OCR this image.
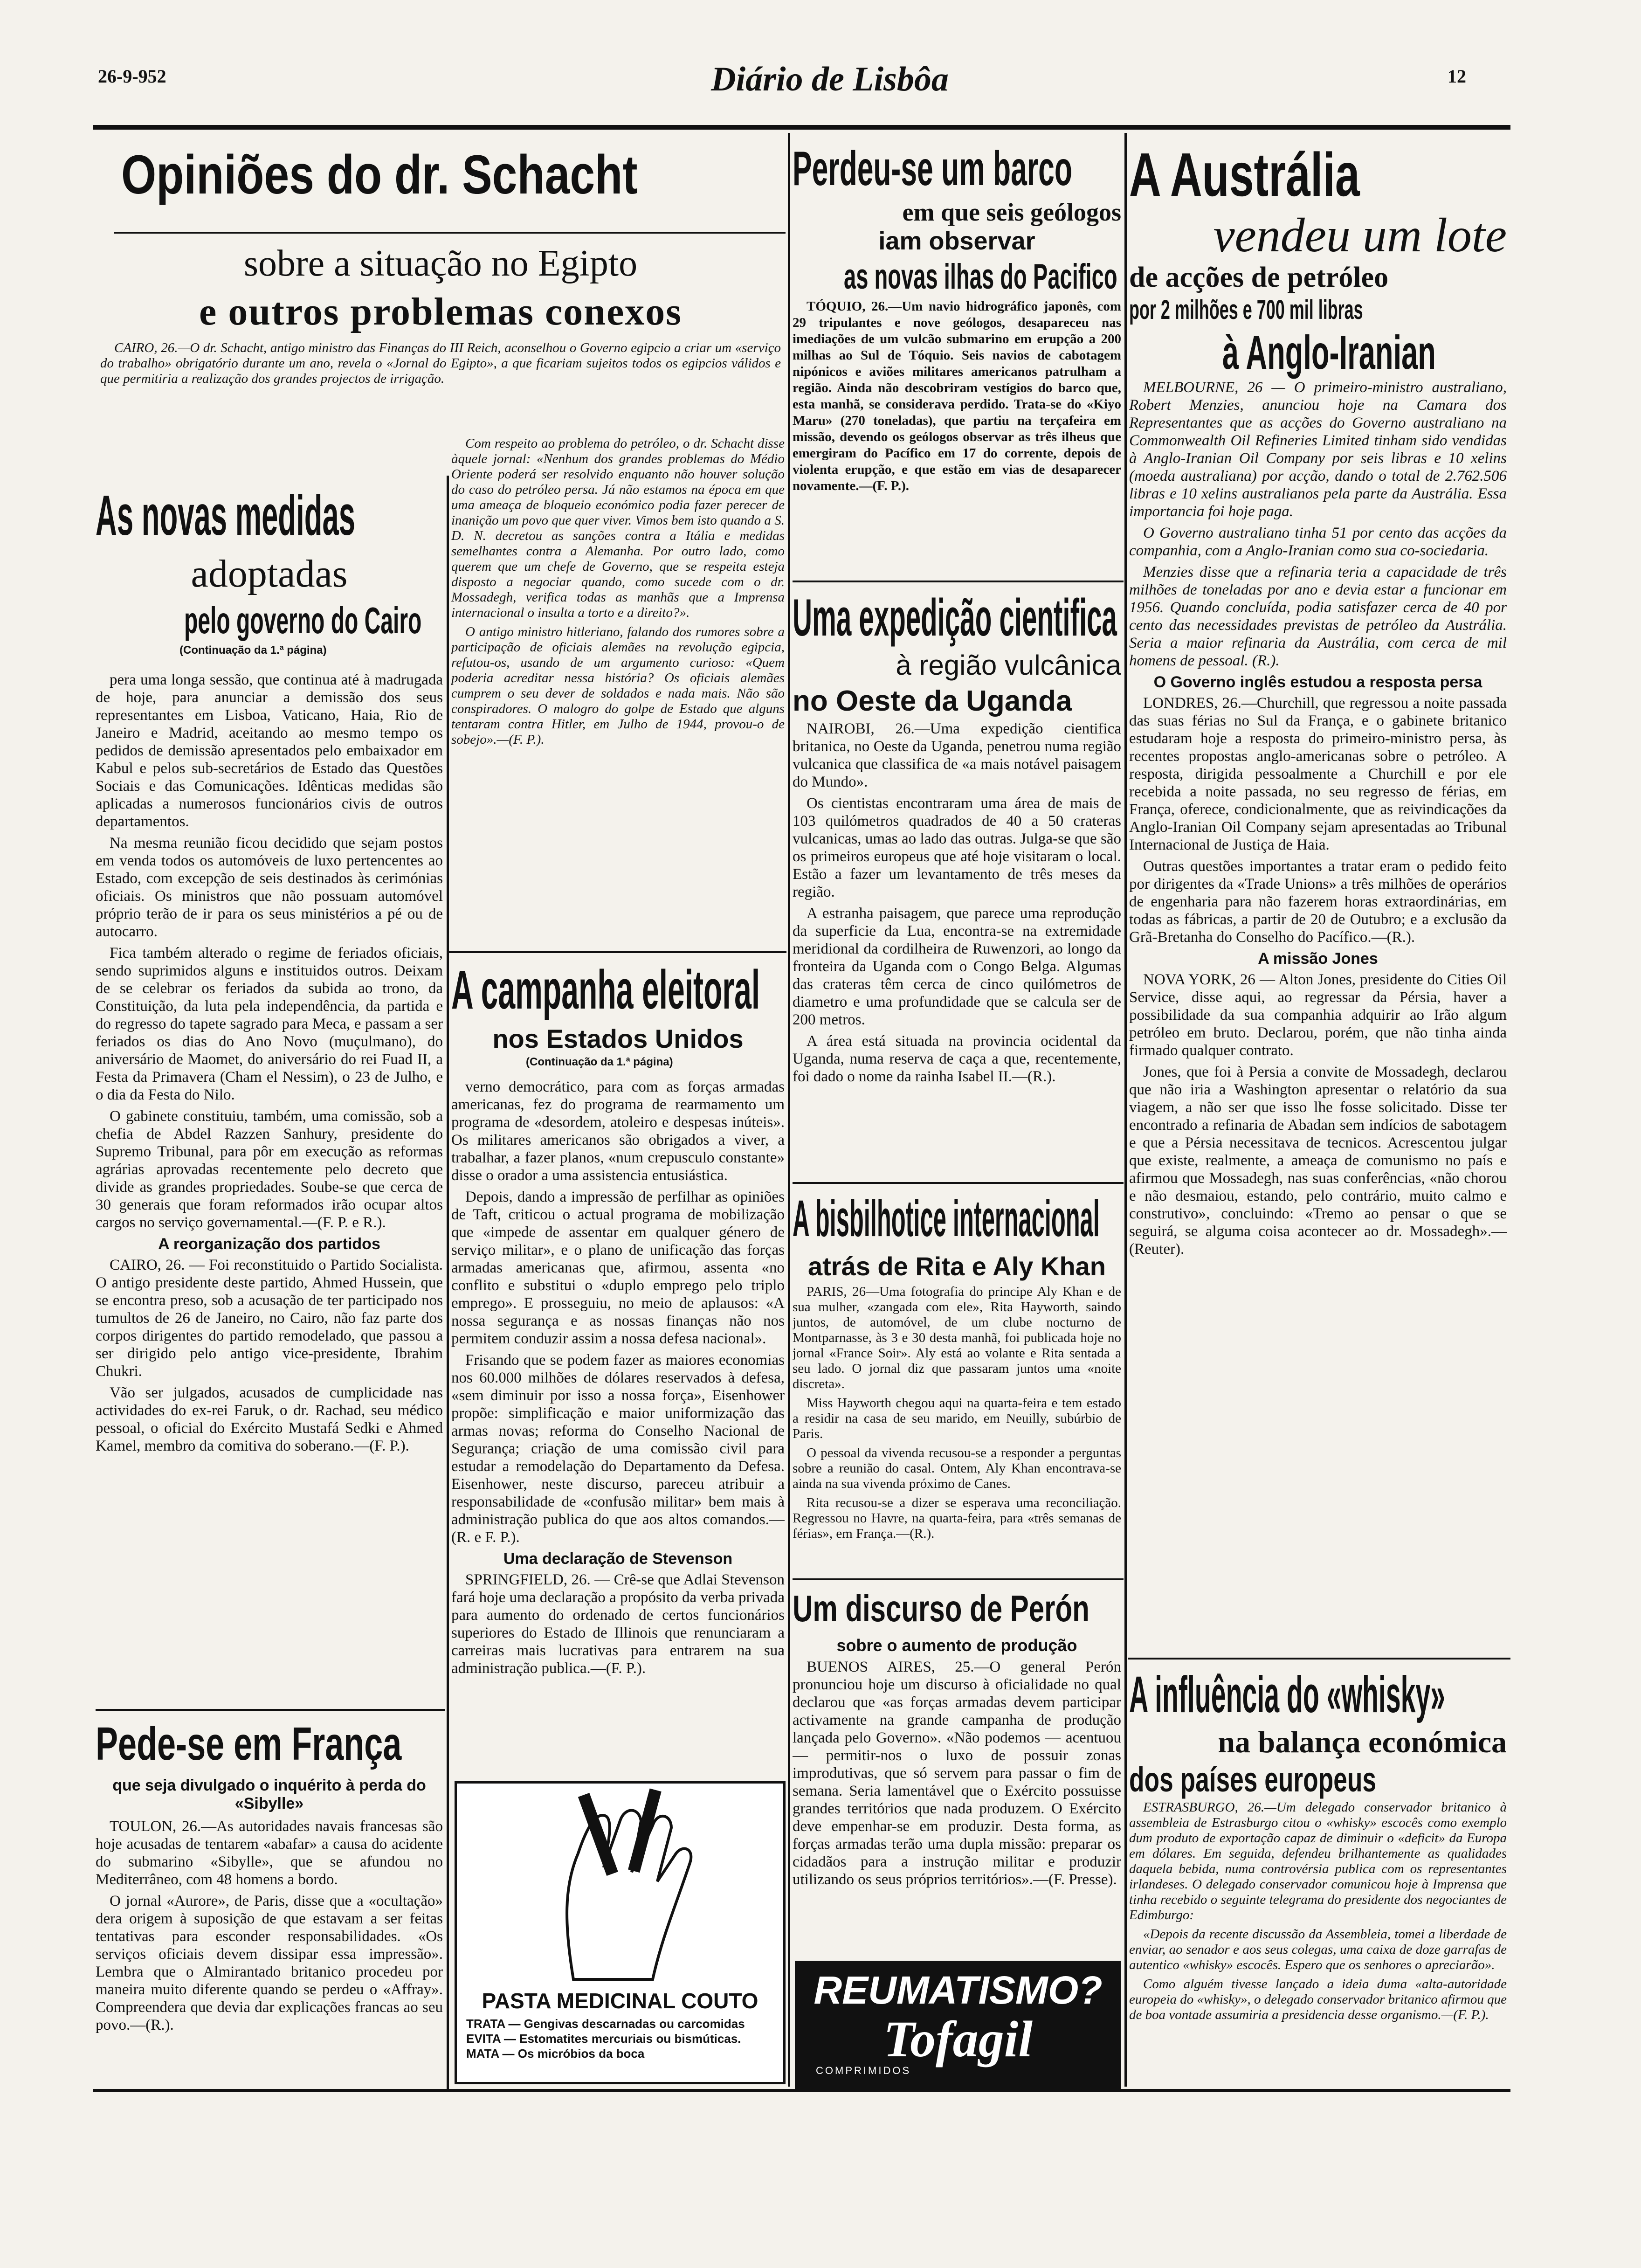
26-9-952	Diário de Lisbôa	12
Opiniões do dr. Schacht
sobre a situação no Egipto
e outros problemas conexos

CAIRO, 26.—O dr. Schacht, antigo ministro das Finanças do III Reich, aconselhou o Governo egipcio a criar um «serviço do trabalho» obrigatório durante um ano, revela o «Jornal do Egipto», a que ficariam sujeitos todos os egipcios válidos e que permitiria a realização dos grandes projectos de irrigação.

Com respeito ao problema do petróleo, o dr. Schacht disse àquele jornal: «Nenhum dos grandes problemas do Médio Oriente poderá ser resolvido enquanto não houver solução do caso do petróleo persa. Já não estamos na época em que uma ameaça de bloqueio económico podia fazer perecer de inanição um povo que quer viver. Vimos bem isto quando a S. D. N. decretou as sanções contra a Itália e medidas semelhantes contra a Alemanha. Por outro lado, como querem que um chefe de Governo, que se respeita esteja disposto a negociar quando, como sucede com o dr. Mossadegh, verifica todas as manhãs que a Imprensa internacional o insulta a torto e a direito?».

O antigo ministro hitleriano, falando dos rumores sobre a participação de oficiais alemães na revolução egipcia, refutou-os, usando de um argumento curioso: «Quem poderia acreditar nessa história? Os oficiais alemães cumprem o seu dever de soldados e nada mais. Não são conspiradores. O malogro do golpe de Estado que alguns tentaram contra Hitler, em Julho de 1944, provou-o de sobejo».—(F. P.).

As novas medidas
adoptadas
pelo governo do Cairo
(Continuação da 1.ª página)

pera uma longa sessão, que continua até à madrugada de hoje, para anunciar a demissão dos seus representantes em Lisboa, Vaticano, Haia, Rio de Janeiro e Madrid, aceitando ao mesmo tempo os pedidos de demissão apresentados pelo embaixador em Kabul e pelos sub-secretários de Estado das Questões Sociais e das Comunicações. Idênticas medidas são aplicadas a numerosos funcionários civis de outros departamentos.

Na mesma reunião ficou decidido que sejam postos em venda todos os automóveis de luxo pertencentes ao Estado, com excepção de seis destinados às cerimónias oficiais. Os ministros que não possuam automóvel próprio terão de ir para os seus ministérios a pé ou de autocarro.

Fica também alterado o regime de feriados oficiais, sendo suprimidos alguns e instituidos outros. Deixam de se celebrar os feriados da subida ao trono, da Constituição, da luta pela independência, da partida e do regresso do tapete sagrado para Meca, e passam a ser feriados os dias do Ano Novo (muçulmano), do aniversário de Maomet, do aniversário do rei Fuad II, a Festa da Primavera (Cham el Nessim), o 23 de Julho, e o dia da Festa do Nilo.

O gabinete constituiu, também, uma comissão, sob a chefia de Abdel Razzen Sanhury, presidente do Supremo Tribunal, para pôr em execução as reformas agrárias aprovadas recentemente pelo decreto que divide as grandes propriedades. Soube-se que cerca de 30 generais que foram reformados irão ocupar altos cargos no serviço governamental.—(F. P. e R.).

A reorganização dos partidos

CAIRO, 26. — Foi reconstituido o Partido Socialista. O antigo presidente deste partido, Ahmed Hussein, que se encontra preso, sob a acusação de ter participado nos tumultos de 26 de Janeiro, no Cairo, não faz parte dos corpos dirigentes do partido remodelado, que passou a ser dirigido pelo antigo vice-presidente, Ibrahim Chukri.

Vão ser julgados, acusados de cumplicidade nas actividades do ex-rei Faruk, o dr. Rachad, seu médico pessoal, o oficial do Exército Mustafá Sedki e Ahmed Kamel, membro da comitiva do soberano.—(F. P.).

Pede-se em França
que seja divulgado o inquérito à perda do «Sibylle»

TOULON, 26.—As autoridades navais francesas são hoje acusadas de tentarem «abafar» a causa do acidente do submarino «Sibylle», que se afundou no Mediterrâneo, com 48 homens a bordo.

O jornal «Aurore», de Paris, disse que a «ocultação» dera origem à suposição de que estavam a ser feitas tentativas para esconder responsabilidades. «Os serviços oficiais devem dissipar essa impressão». Lembra que o Almirantado britanico procedeu por maneira muito diferente quando se perdeu o «Affray». Compreendera que devia dar explicações francas ao seu povo.—(R.).

A campanha eleitoral
nos Estados Unidos
(Continuação da 1.ª página)

verno democrático, para com as forças armadas americanas, fez do programa de rearmamento um programa de «desordem, atoleiro e despesas inúteis». Os militares americanos são obrigados a viver, a trabalhar, a fazer planos, «num crepusculo constante» disse o orador a uma assistencia entusiástica.

Depois, dando a impressão de perfilhar as opiniões de Taft, criticou o actual programa de mobilização que «impede de assentar em qualquer género de serviço militar», e o plano de unificação das forças armadas americanas que, afirmou, assenta «no conflito e substitui o «duplo emprego pelo triplo emprego». E prosseguiu, no meio de aplausos: «A nossa segurança e as nossas finanças não nos permitem conduzir assim a nossa defesa nacional».

Frisando que se podem fazer as maiores economias nos 60.000 milhões de dólares reservados à defesa, «sem diminuir por isso a nossa força», Eisenhower propõe: simplificação e maior uniformização das armas novas; reforma do Conselho Nacional de Segurança; criação de uma comissão civil para estudar a remodelação do Departamento da Defesa. Eisenhower, neste discurso, pareceu atribuir a responsabilidade de «confusão militar» bem mais à administração publica do que aos altos comandos.—(R. e F. P.).

Uma declaração de Stevenson

SPRINGFIELD, 26. — Crê-se que Adlai Stevenson fará hoje uma declaração a propósito da verba privada para aumento do ordenado de certos funcionários superiores do Estado de Illinois que renunciaram a carreiras mais lucrativas para entrarem na sua administração publica.—(F. P.).

PASTA MEDICINAL COUTO
TRATA — Gengivas descarnadas ou carcomidas
EVITA — Estomatites mercuriais ou bismúticas.
MATA — Os micróbios da boca
Perdeu-se um barco
em que seis geólogos
iam observar
as novas ilhas do Pacifico

TÓQUIO, 26.—Um navio hidrográfico japonês, com 29 tripulantes e nove geólogos, desapareceu nas imediações de um vulcão submarino em erupção a 200 milhas ao Sul de Tóquio. Seis navios de cabotagem nipónicos e aviões militares americanos patrulham a região. Ainda não descobriram vestígios do barco que, esta manhã, se considerava perdido. Trata-se do «Kiyo Maru» (270 toneladas), que partiu na terçafeira em missão, devendo os geólogos observar as três ilheus que emergiram do Pacífico em 17 do corrente, depois de violenta erupção, e que estão em vias de desaparecer novamente.—(F. P.).

Uma expedição cientifica
à região vulcânica
no Oeste da Uganda

NAIROBI, 26.—Uma expedição cientifica britanica, no Oeste da Uganda, penetrou numa região vulcanica que classifica de «a mais notável paisagem do Mundo».

Os cientistas encontraram uma área de mais de 103 quilómetros quadrados de 40 a 50 crateras vulcanicas, umas ao lado das outras. Julga-se que são os primeiros europeus que até hoje visitaram o local. Estão a fazer um levantamento de três meses da região.

A estranha paisagem, que parece uma reprodução da superficie da Lua, encontra-se na extremidade meridional da cordilheira de Ruwenzori, ao longo da fronteira da Uganda com o Congo Belga. Algumas das crateras têm cerca de cinco quilómetros de diametro e uma profundidade que se calcula ser de 200 metros.

A área está situada na provincia ocidental da Uganda, numa reserva de caça a que, recentemente, foi dado o nome da rainha Isabel II.—(R.).

A bisbilhotice internacional
atrás de Rita e Aly Khan

PARIS, 26—Uma fotografia do principe Aly Khan e de sua mulher, «zangada com ele», Rita Hayworth, saindo juntos, de automóvel, de um clube nocturno de Montparnasse, às 3 e 30 desta manhã, foi publicada hoje no jornal «France Soir». Aly está ao volante e Rita sentada a seu lado. O jornal diz que passaram juntos uma «noite discreta».

Miss Hayworth chegou aqui na quarta-feira e tem estado a residir na casa de seu marido, em Neuilly, subúrbio de Paris.

O pessoal da vivenda recusou-se a responder a perguntas sobre a reunião do casal. Ontem, Aly Khan encontrava-se ainda na sua vivenda próximo de Canes.

Rita recusou-se a dizer se esperava uma reconciliação. Regressou no Havre, na quarta-feira, para «três semanas de férias», em França.—(R.).

Um discurso de Perón
sobre o aumento de produção

BUENOS AIRES, 25.—O general Perón pronunciou hoje um discurso à oficialidade no qual declarou que «as forças armadas devem participar activamente na grande campanha de produção lançada pelo Governo». «Não podemos — acentuou — permitir-nos o luxo de possuir zonas improdutivas, que só servem para passar o fim de semana. Seria lamentável que o Exército possuisse grandes territórios que nada produzem. O Exército deve empenhar-se em produzir. Desta forma, as forças armadas terão uma dupla missão: preparar os cidadãos para a instrução militar e produzir utilizando os seus próprios territórios».—(F. Presse).

REUMATISMO?
Tofagil
COMPRIMIDOS
A Austrália
vendeu um lote
de acções de petróleo
por 2 milhões e 700 mil libras
à Anglo-Iranian

MELBOURNE, 26 — O primeiro-ministro australiano, Robert Menzies, anunciou hoje na Camara dos Representantes que as acções do Governo australiano na Commonwealth Oil Refineries Limited tinham sido vendidas à Anglo-Iranian Oil Company por seis libras e 10 xelins (moeda australiana) por acção, dando o total de 2.762.506 libras e 10 xelins australianos pela parte da Austrália. Essa importancia foi hoje paga.

O Governo australiano tinha 51 por cento das acções da companhia, com a Anglo-Iranian como sua co-sociedaria.

Menzies disse que a refinaria teria a capacidade de três milhões de toneladas por ano e devia estar a funcionar em 1956. Quando concluída, podia satisfazer cerca de 40 por cento das necessidades previstas de petróleo da Austrália. Seria a maior refinaria da Austrália, com cerca de mil homens de pessoal. (R.).

O Governo inglês estudou a resposta persa

LONDRES, 26.—Churchill, que regressou a noite passada das suas férias no Sul da França, e o gabinete britanico estudaram hoje a resposta do primeiro-ministro persa, às recentes propostas anglo-americanas sobre o petróleo. A resposta, dirigida pessoalmente a Churchill e por ele recebida a noite passada, no seu regresso de férias, em França, oferece, condicionalmente, que as reivindicações da Anglo-Iranian Oil Company sejam apresentadas ao Tribunal Internacional de Justiça de Haia.

Outras questões importantes a tratar eram o pedido feito por dirigentes da «Trade Unions» a três milhões de operários de engenharia para não fazerem horas extraordinárias, em todas as fábricas, a partir de 20 de Outubro; e a exclusão da Grã-Bretanha do Conselho do Pacífico.—(R.).

A missão Jones

NOVA YORK, 26 — Alton Jones, presidente do Cities Oil Service, disse aqui, ao regressar da Pérsia, haver a possibilidade da sua companhia adquirir ao Irão algum petróleo em bruto. Declarou, porém, que não tinha ainda firmado qualquer contrato.

Jones, que foi à Persia a convite de Mossadegh, declarou que não iria a Washington apresentar o relatório da sua viagem, a não ser que isso lhe fosse solicitado. Disse ter encontrado a refinaria de Abadan sem indícios de sabotagem e que a Pérsia necessitava de tecnicos. Acrescentou julgar que existe, realmente, a ameaça de comunismo no país e afirmou que Mossadegh, nas suas conferências, «não chorou e não desmaiou, estando, pelo contrário, muito calmo e construtivo», concluindo: «Tremo ao pensar o que se seguirá, se alguma coisa acontecer ao dr. Mossadegh».—(Reuter).

A influência do «whisky»
na balança económica
dos países europeus

ESTRASBURGO, 26.—Um delegado conservador britanico à assembleia de Estrasburgo citou o «whisky» escocês como exemplo dum produto de exportação capaz de diminuir o «deficit» da Europa em dólares. Em seguida, defendeu brilhantemente as qualidades daquela bebida, numa controvérsia publica com os representantes irlandeses. O delegado conservador comunicou hoje à Imprensa que tinha recebido o seguinte telegrama do presidente dos negociantes de Edimburgo:

«Depois da recente discussão da Assembleia, tomei a liberdade de enviar, ao senador e aos seus colegas, uma caixa de doze garrafas de autentico «whisky» escocês. Espero que os senhores o apreciarão».

Como alguém tivesse lançado a ideia duma «alta-autoridade europeia do «whisky», o delegado conservador britanico afirmou que de boa vontade assumiria a presidencia desse organismo.—(F. P.).
